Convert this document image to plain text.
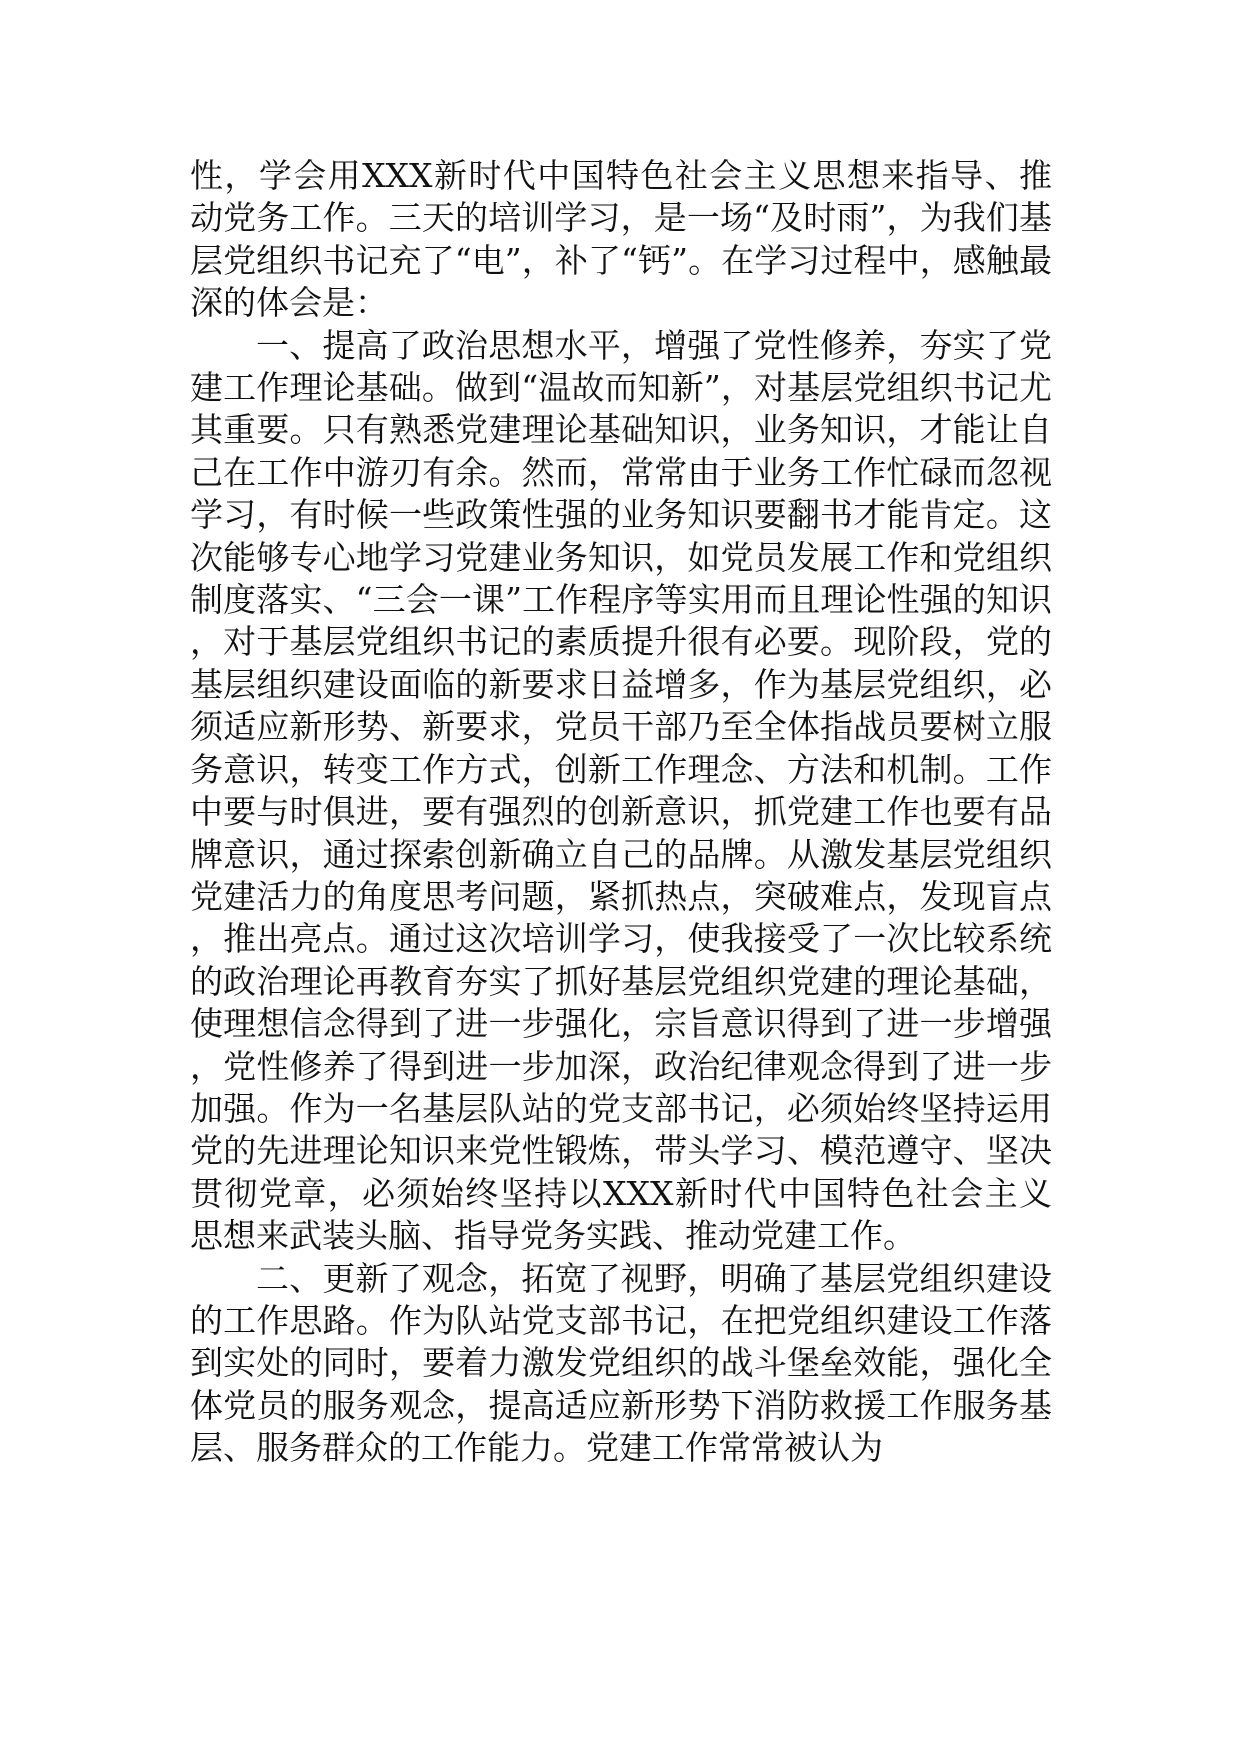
性，学会用XXX新时代中国特色社会主义思想来指导、推动党务工作。三天的培训学习，是一场“及时雨”，为我们基层党组织书记充了“电”，补了“钙”。在学习过程中，感触最深的体会是：

一、提高了政治思想水平，增强了党性修养，夯实了党建工作理论基础。做到“温故而知新”，对基层党组织书记尤其重要。只有熟悉党建理论基础知识，业务知识，才能让自己在工作中游刃有余。然而，常常由于业务工作忙碌而忽视学习，有时候一些政策性强的业务知识要翻书才能肯定。这次能够专心地学习党建业务知识，如党员发展工作和党组织制度落实、“三会一课”工作程序等实用而且理论性强的知识，对于基层党组织书记的素质提升很有必要。现阶段，党的基层组织建设面临的新要求日益增多，作为基层党组织，必须适应新形势、新要求，党员干部乃至全体指战员要树立服务意识，转变工作方式，创新工作理念、方法和机制。工作中要与时俱进，要有强烈的创新意识，抓党建工作也要有品牌意识，通过探索创新确立自己的品牌。从激发基层党组织党建活力的角度思考问题，紧抓热点，突破难点，发现盲点，推出亮点。通过这次培训学习，使我接受了一次比较系统的政治理论再教育夯实了抓好基层党组织党建的理论基础，使理想信念得到了进一步强化，宗旨意识得到了进一步增强，党性修养了得到进一步加深，政治纪律观念得到了进一步加强。作为一名基层队站的党支部书记，必须始终坚持运用党的先进理论知识来党性锻炼，带头学习、模范遵守、坚决贯彻党章，必须始终坚持以XXX新时代中国特色社会主义思想来武装头脑、指导党务实践、推动党建工作。

二、更新了观念，拓宽了视野，明确了基层党组织建设的工作思路。作为队站党支部书记，在把党组织建设工作落到实处的同时，要着力激发党组织的战斗堡垒效能，强化全体党员的服务观念，提高适应新形势下消防救援工作服务基层、服务群众的工作能力。党建工作常常被认为
